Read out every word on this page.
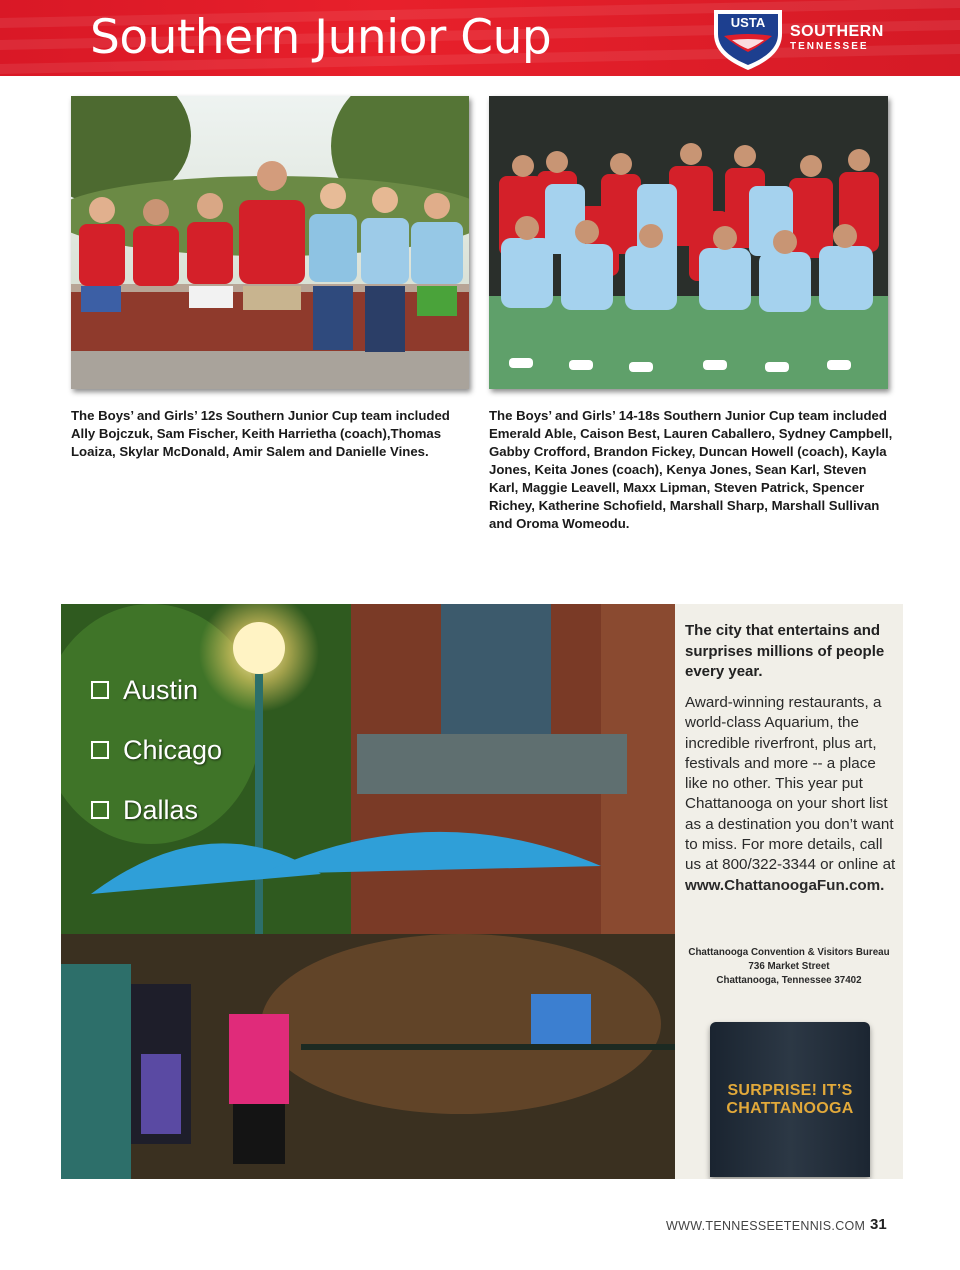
Southern Junior Cup	USTA
SOUTHERN
TENNESSEE
The Boys’ and Girls’ 12s Southern Junior Cup team included Ally Bojczuk, Sam Fischer, Keith Harrietha (coach),Thomas Loaiza, Skylar McDonald, Amir Salem and Danielle Vines.
The Boys’ and Girls’ 14-18s Southern Junior Cup team included Emerald Able, Caison Best, Lauren Caballero, Sydney Campbell, Gabby Crofford, Brandon Fickey, Duncan Howell (coach), Kayla Jones, Keita Jones (coach), Kenya Jones, Sean Karl, Steven Karl, Maggie Leavell, Maxx Lipman, Steven Patrick, Spencer Richey, Katherine Schofield, Marshall Sharp, Marshall Sullivan and Oroma Womeodu.
Austin
Chicago
Dallas
The city that entertains and surprises millions of people every year.
Award-winning restaurants, a world-class Aquarium, the incredible riverfront, plus art, festivals and more -- a place like no other. This year put Chattanooga on your short list as a destination you don’t want to miss. For more details, call us at 800/322-3344 or online at www.ChattanoogaFun.com.
Chattanooga Convention & Visitors Bureau
736 Market Street
Chattanooga, Tennessee 37402
SURPRISE! IT’S
CHATTANOOGA
WWW.TENNESSEETENNIS.COM 31
